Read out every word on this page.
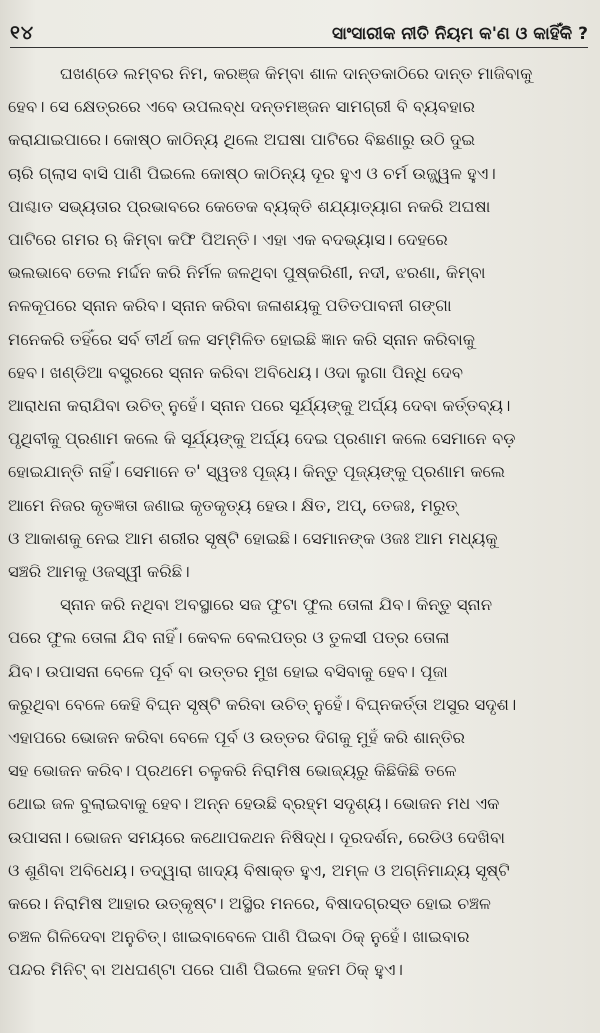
୧୪	ସାଂସାରୀକ ନୀତି ନିୟମ କ'ଣ ଓ କାହିଁକି ?

ଘଖଣ୍ଡେ ଲମ୍ବର ନିମ, କରଞ୍ଜ କିମ୍ବା ଶାଳ ଦାନ୍ତକାଠିରେ ଦାନ୍ତ ମାଜିବାକୁ
ହେବ। ସେ କ୍ଷେତ୍ରରେ ଏବେ ଉପଲବ୍ଧ ଦନ୍ତମଞ୍ଜନ ସାମଗ୍ରୀ ବି ବ୍ୟବହାର
କରାଯାଇପାରେ। କୋଷ୍ଠ କାଠିନ୍ୟ ଥିଲେ ଅଘଷା ପାଟିରେ ବିଛଣାରୁ ଉଠି ଦୁଇ
ଚାରି ଗ୍ଲାସ ବାସି ପାଣି ପିଇଲେ କୋଷ୍ଠ କାଠିନ୍ୟ ଦୂର ହୁଏ ଓ ଚର୍ମ ଉଜ୍ଜ୍ୱଳ ହୁଏ।
ପାଶ୍ଚାତ ସଭ୍ୟତାର ପ୍ରଭାବରେ କେତେକ ବ୍ୟକ୍ତି ଶଯ୍ୟାତ୍ୟାଗ ନକରି ଅଘଷା
ପାଟିରେ ଗମର ଋ କିମ୍ବା କଫି ପିଅନ୍ତି। ଏହା ଏକ ବଦଭ୍ୟାସ। ଦେହରେ
ଭଲଭାବେ ତେଲ ମର୍ଦ୍ଦନ କରି ନିର୍ମଳ ଜଳଥିବା ପୁଷ୍କରିଣୀ, ନଦୀ, ଝରଣା, କିମ୍ବା
ନଳକୂପରେ ସ୍ନାନ କରିବ। ସ୍ନାନ କରିବା ଜଳାଶୟକୁ ପତିତପାବନୀ ଗଙ୍ଗା
ମନେକରି ତହିଁରେ ସର୍ବ ତୀର୍ଥ ଜଳ ସମ୍ମିଳିତ ହୋଇଛି ଜ୍ଞାନ କରି ସ୍ନାନ କରିବାକୁ
ହେବ। ଖଣ୍ଡିଆ ବସ୍ତ୍ରରେ ସ୍ନାନ କରିବା ଅବିଧେୟ। ଓଦା ଲୁଗା ପିନ୍ଧି ଦେବ
ଆରାଧନା କରାଯିବା ଉଚିତ୍ ନୁହେଁ। ସ୍ନାନ ପରେ ସୂର୍ଯ୍ୟଙ୍କୁ ଅର୍ଘ୍ୟ ଦେବା କର୍ତ୍ତବ୍ୟ।
ପୃଥିବୀକୁ ପ୍ରଣାମ କଲେ କି ସୂର୍ଯ୍ୟଙ୍କୁ ଅର୍ଘ୍ୟ ଦେଇ ପ୍ରଣାମ କଲେ ସେମାନେ ବଡ଼
ହୋଇଯାନ୍ତି ନାହିଁ। ସେମାନେ ତ' ସ୍ୱତଃ ପୂଜ୍ୟ। କିନ୍ତୁ ପୂଜ୍ୟଙ୍କୁ ପ୍ରଣାମ କଲେ
ଆମେ ନିଜର କୃତଜ୍ଞତା ଜଣାଇ କୃତକୃତ୍ୟ ହେଉ। କ୍ଷିତ, ଅପ୍, ତେଜଃ, ମରୁତ୍
ଓ ଆକାଶକୁ ନେଇ ଆମ ଶରୀର ସୃଷ୍ଟି ହୋଇଛି। ସେମାନଙ୍କ ଓଜଃ ଆମ ମଧ୍ୟକୁ
ସଞ୍ଚରି ଆମକୁ ଓଜସ୍ୱୀ କରିଛି।

ସ୍ନାନ କରି ନଥିବା ଅବସ୍ଥାରେ ସଜ ଫୁଟା ଫୁଲ ତୋଳା ଯିବ। କିନ୍ତୁ ସ୍ନାନ
ପରେ ଫୁଲ ତୋଳା ଯିବ ନାହିଁ। କେବଳ ବେଲପତ୍ର ଓ ତୁଳସୀ ପତ୍ର ତୋଳା
ଯିବ। ଉପାସନା ବେଳେ ପୂର୍ବ ବା ଉତ୍ତର ମୁଖ ହୋଇ ବସିବାକୁ ହେବ। ପୂଜା
କରୁଥିବା ବେଳେ କେହି ବିଘ୍ନ ସୃଷ୍ଟି କରିବା ଉଚିତ୍ ନୁହେଁ। ବିଘ୍ନକର୍ତ୍ତା ଅସୁର ସଦୃଶ।
ଏହାପରେ ଭୋଜନ କରିବା ବେଳେ ପୂର୍ବ ଓ ଉତ୍ତର ଦିଗକୁ ମୁହଁ କରି ଶାନ୍ତିର
ସହ ଭୋଜନ କରିବ। ପ୍ରଥମେ ଚଳୁକରି ନିରାମିଷ ଭୋଜ୍ୟରୁ କିଛିକିଛି ତଳେ
ଥୋଇ ଜଳ ବୁଲାଇବାକୁ ହେବ। ଅନ୍ନ ହେଉଛି ବ୍ରହ୍ମ ସଦୃଶ୍ୟ। ଭୋଜନ ମଧ ଏକ
ଉପାସନା। ଭୋଜନ ସମୟରେ କଥୋପକଥନ ନିଷିଦ୍ଧ। ଦୂରଦର୍ଶନ, ରେଡିଓ ଦେଖିବା
ଓ ଶୁଣିବା ଅବିଧେୟ। ତଦ୍ୱାରା ଖାଦ୍ୟ ବିଷାକ୍ତ ହୁଏ, ଅମ୍ଳ ଓ ଅଗ୍ନିମାନ୍ଦ୍ୟ ସୃଷ୍ଟି
କରେ। ନିରାମିଷ ଆହାର ଉତ୍କୃଷ୍ଟ। ଅସ୍ଥିର ମନରେ, ବିଷାଦଗ୍ରସ୍ତ ହୋଇ ଚଞ୍ଚଳ
ଚଞ୍ଚଳ ଗିଳିଦେବା ଅନୁଚିତ୍। ଖାଇବାବେଳେ ପାଣି ପିଇବା ଠିକ୍ ନୁହେଁ। ଖାଇବାର
ପନ୍ଦର ମିନିଟ୍ ବା ଅଧଘଣ୍ଟା ପରେ ପାଣି ପିଇଲେ ହଜମ ଠିକ୍ ହୁଏ।
